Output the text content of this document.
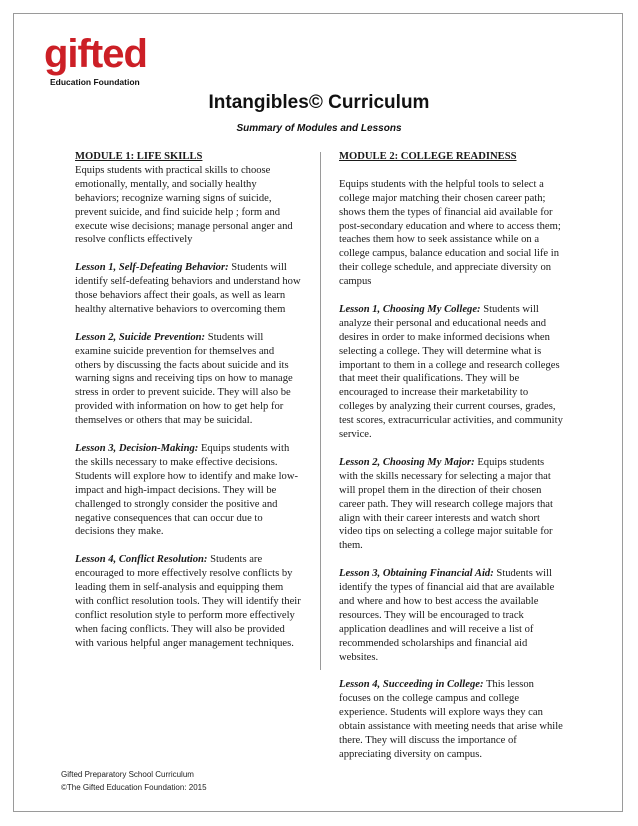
gifted
Education Foundation
Intangibles© Curriculum
Summary of Modules and Lessons
MODULE 1: LIFE SKILLS

Equips students with practical skills to choose emotionally, mentally, and socially healthy behaviors; recognize warning signs of suicide, prevent suicide, and find suicide help ; form and execute wise decisions; manage personal anger and resolve conflicts effectively

Lesson 1, Self-Defeating Behavior: Students will identify self-defeating behaviors and understand how those behaviors affect their goals, as well as learn healthy alternative behaviors to overcoming them

Lesson 2, Suicide Prevention: Students will examine suicide prevention for themselves and others by discussing the facts about suicide and its warning signs and receiving tips on how to manage stress in order to prevent suicide. They will also be provided with information on how to get help for themselves or others that may be suicidal.

Lesson 3, Decision-Making: Equips students with the skills necessary to make effective decisions. Students will explore how to identify and make low-impact and high-impact decisions. They will be challenged to strongly consider the positive and negative consequences that can occur due to decisions they make.

Lesson 4, Conflict Resolution: Students are encouraged to more effectively resolve conflicts by leading them in self-analysis and equipping them with conflict resolution tools. They will identify their conflict resolution style to perform more effectively when facing conflicts. They will also be provided with various helpful anger management techniques.

MODULE 2: COLLEGE READINESS

Equips students with the helpful tools to select a college major matching their chosen career path; shows them the types of financial aid available for post-secondary education and where to access them; teaches them how to seek assistance while on a college campus, balance education and social life in their college schedule, and appreciate diversity on campus

Lesson 1, Choosing My College: Students will analyze their personal and educational needs and desires in order to make informed decisions when selecting a college. They will determine what is important to them in a college and research colleges that meet their qualifications. They will be encouraged to increase their marketability to colleges by analyzing their current courses, grades, test scores, extracurricular activities, and community service.

Lesson 2, Choosing My Major: Equips students with the skills necessary for selecting a major that will propel them in the direction of their chosen career path. They will research college majors that align with their career interests and watch short video tips on selecting a college major suitable for them.

Lesson 3, Obtaining Financial Aid: Students will identify the types of financial aid that are available and where and how to best access the available resources. They will be encouraged to track application deadlines and will receive a list of recommended scholarships and financial aid websites.

Lesson 4, Succeeding in College: This lesson focuses on the college campus and college experience. Students will explore ways they can obtain assistance with meeting needs that arise while there. They will discuss the importance of appreciating diversity on campus.

Gifted Preparatory School Curriculum
©The Gifted Education Foundation: 2015
